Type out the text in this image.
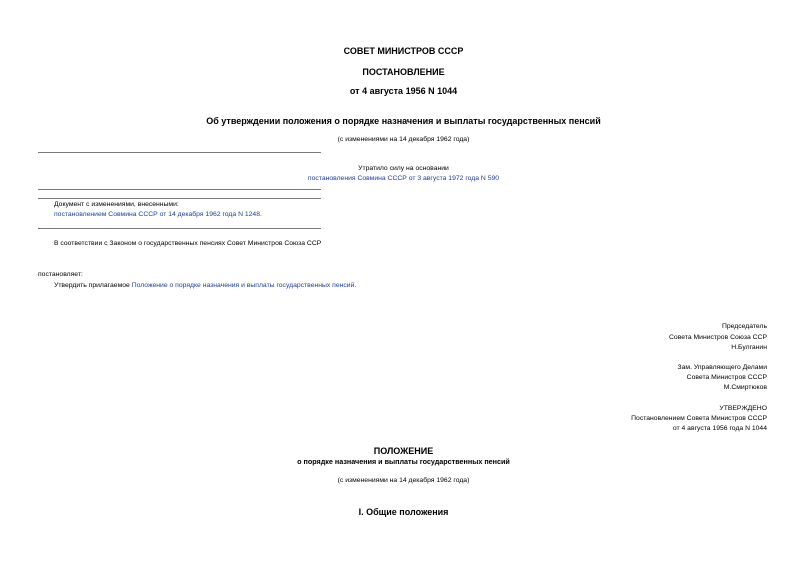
СОВЕТ МИНИСТРОВ СССР
ПОСТАНОВЛЕНИЕ
от 4 августа 1956 N 1044
Об утверждении положения о порядке назначения и выплаты государственных пенсий
(с изменениями на 14 декабря 1962 года)
Утратило силу на основании
постановления Совмина СССР от 3 августа 1972 года N 590
Документ с изменениями, внесенными:
постановлением Совмина СССР от 14 декабря 1962 года N 1248.
В соответствии с Законом о государственных пенсиях Совет Министров Союза ССР
постановляет:
Утвердить прилагаемое Положение о порядке назначения и выплаты государственных пенсий.
Председатель
Совета Министров Союза ССР
Н.Булганин
Зам. Управляющего Делами
Совета Министров СССР
М.Смиртюков
УТВЕРЖДЕНО
Постановлением Совета Министров СССР
от 4 августа 1956 года N 1044
ПОЛОЖЕНИЕ
о порядке назначения и выплаты государственных пенсий
(с изменениями на 14 декабря 1962 года)
I. Общие положения
